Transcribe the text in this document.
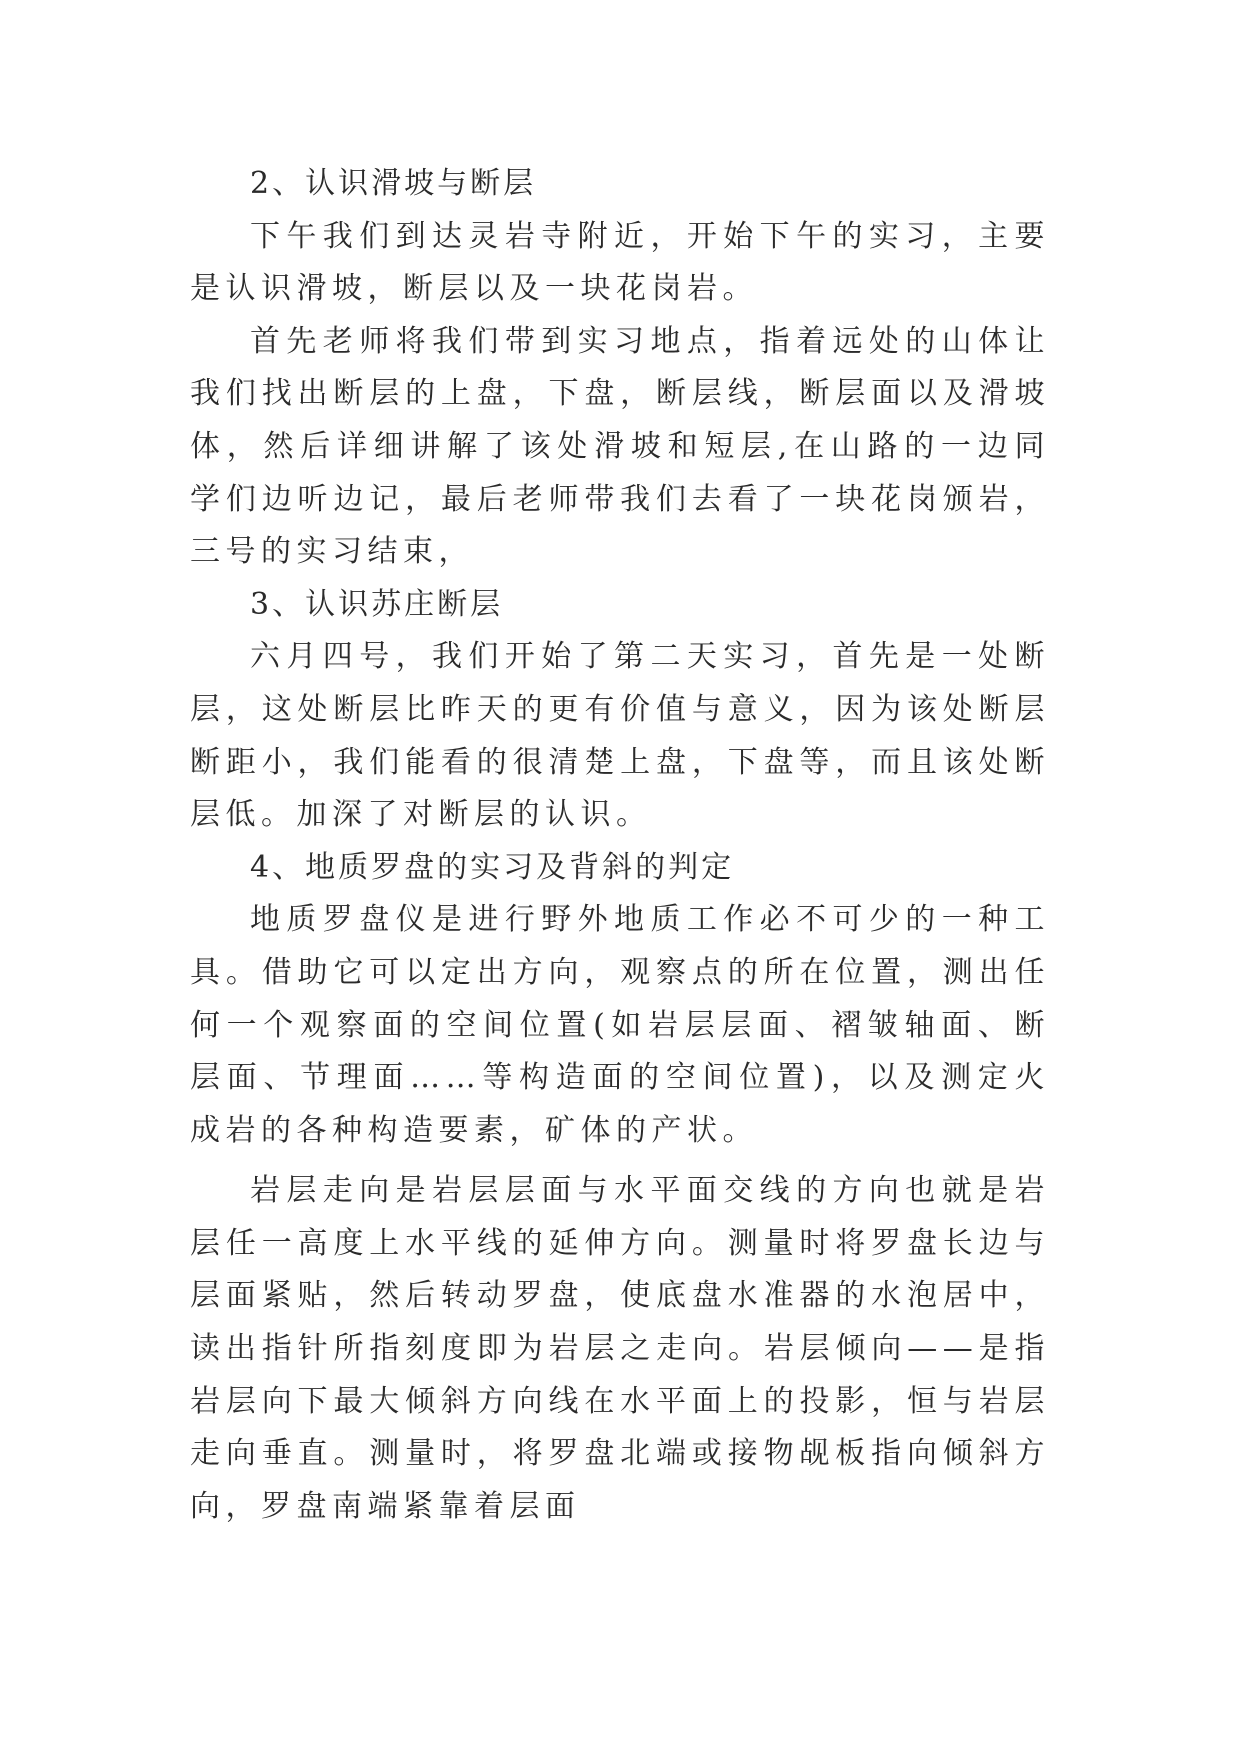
2、认识滑坡与断层

下午我们到达灵岩寺附近，开始下午的实习，主要是认识滑坡，断层以及一块花岗岩。

首先老师将我们带到实习地点，指着远处的山体让我们找出断层的上盘，下盘，断层线，断层面以及滑坡体，然后详细讲解了该处滑坡和短层,在山路的一边同学们边听边记，最后老师带我们去看了一块花岗颁岩，三号的实习结束，

3、认识苏庄断层

六月四号，我们开始了第二天实习，首先是一处断层，这处断层比昨天的更有价值与意义，因为该处断层断距小，我们能看的很清楚上盘，下盘等，而且该处断层低。加深了对断层的认识。

4、地质罗盘的实习及背斜的判定

地质罗盘仪是进行野外地质工作必不可少的一种工具。借助它可以定出方向，观察点的所在位置，测出任何一个观察面的空间位置(如岩层层面、褶皱轴面、断层面、节理面……等构造面的空间位置)，以及测定火成岩的各种构造要素，矿体的产状。

岩层走向是岩层层面与水平面交线的方向也就是岩层任一高度上水平线的延伸方向。测量时将罗盘长边与层面紧贴，然后转动罗盘，使底盘水准器的水泡居中，读出指针所指刻度即为岩层之走向。岩层倾向——是指岩层向下最大倾斜方向线在水平面上的投影，恒与岩层走向垂直。测量时，将罗盘北端或接物觇板指向倾斜方向，罗盘南端紧靠着层面
